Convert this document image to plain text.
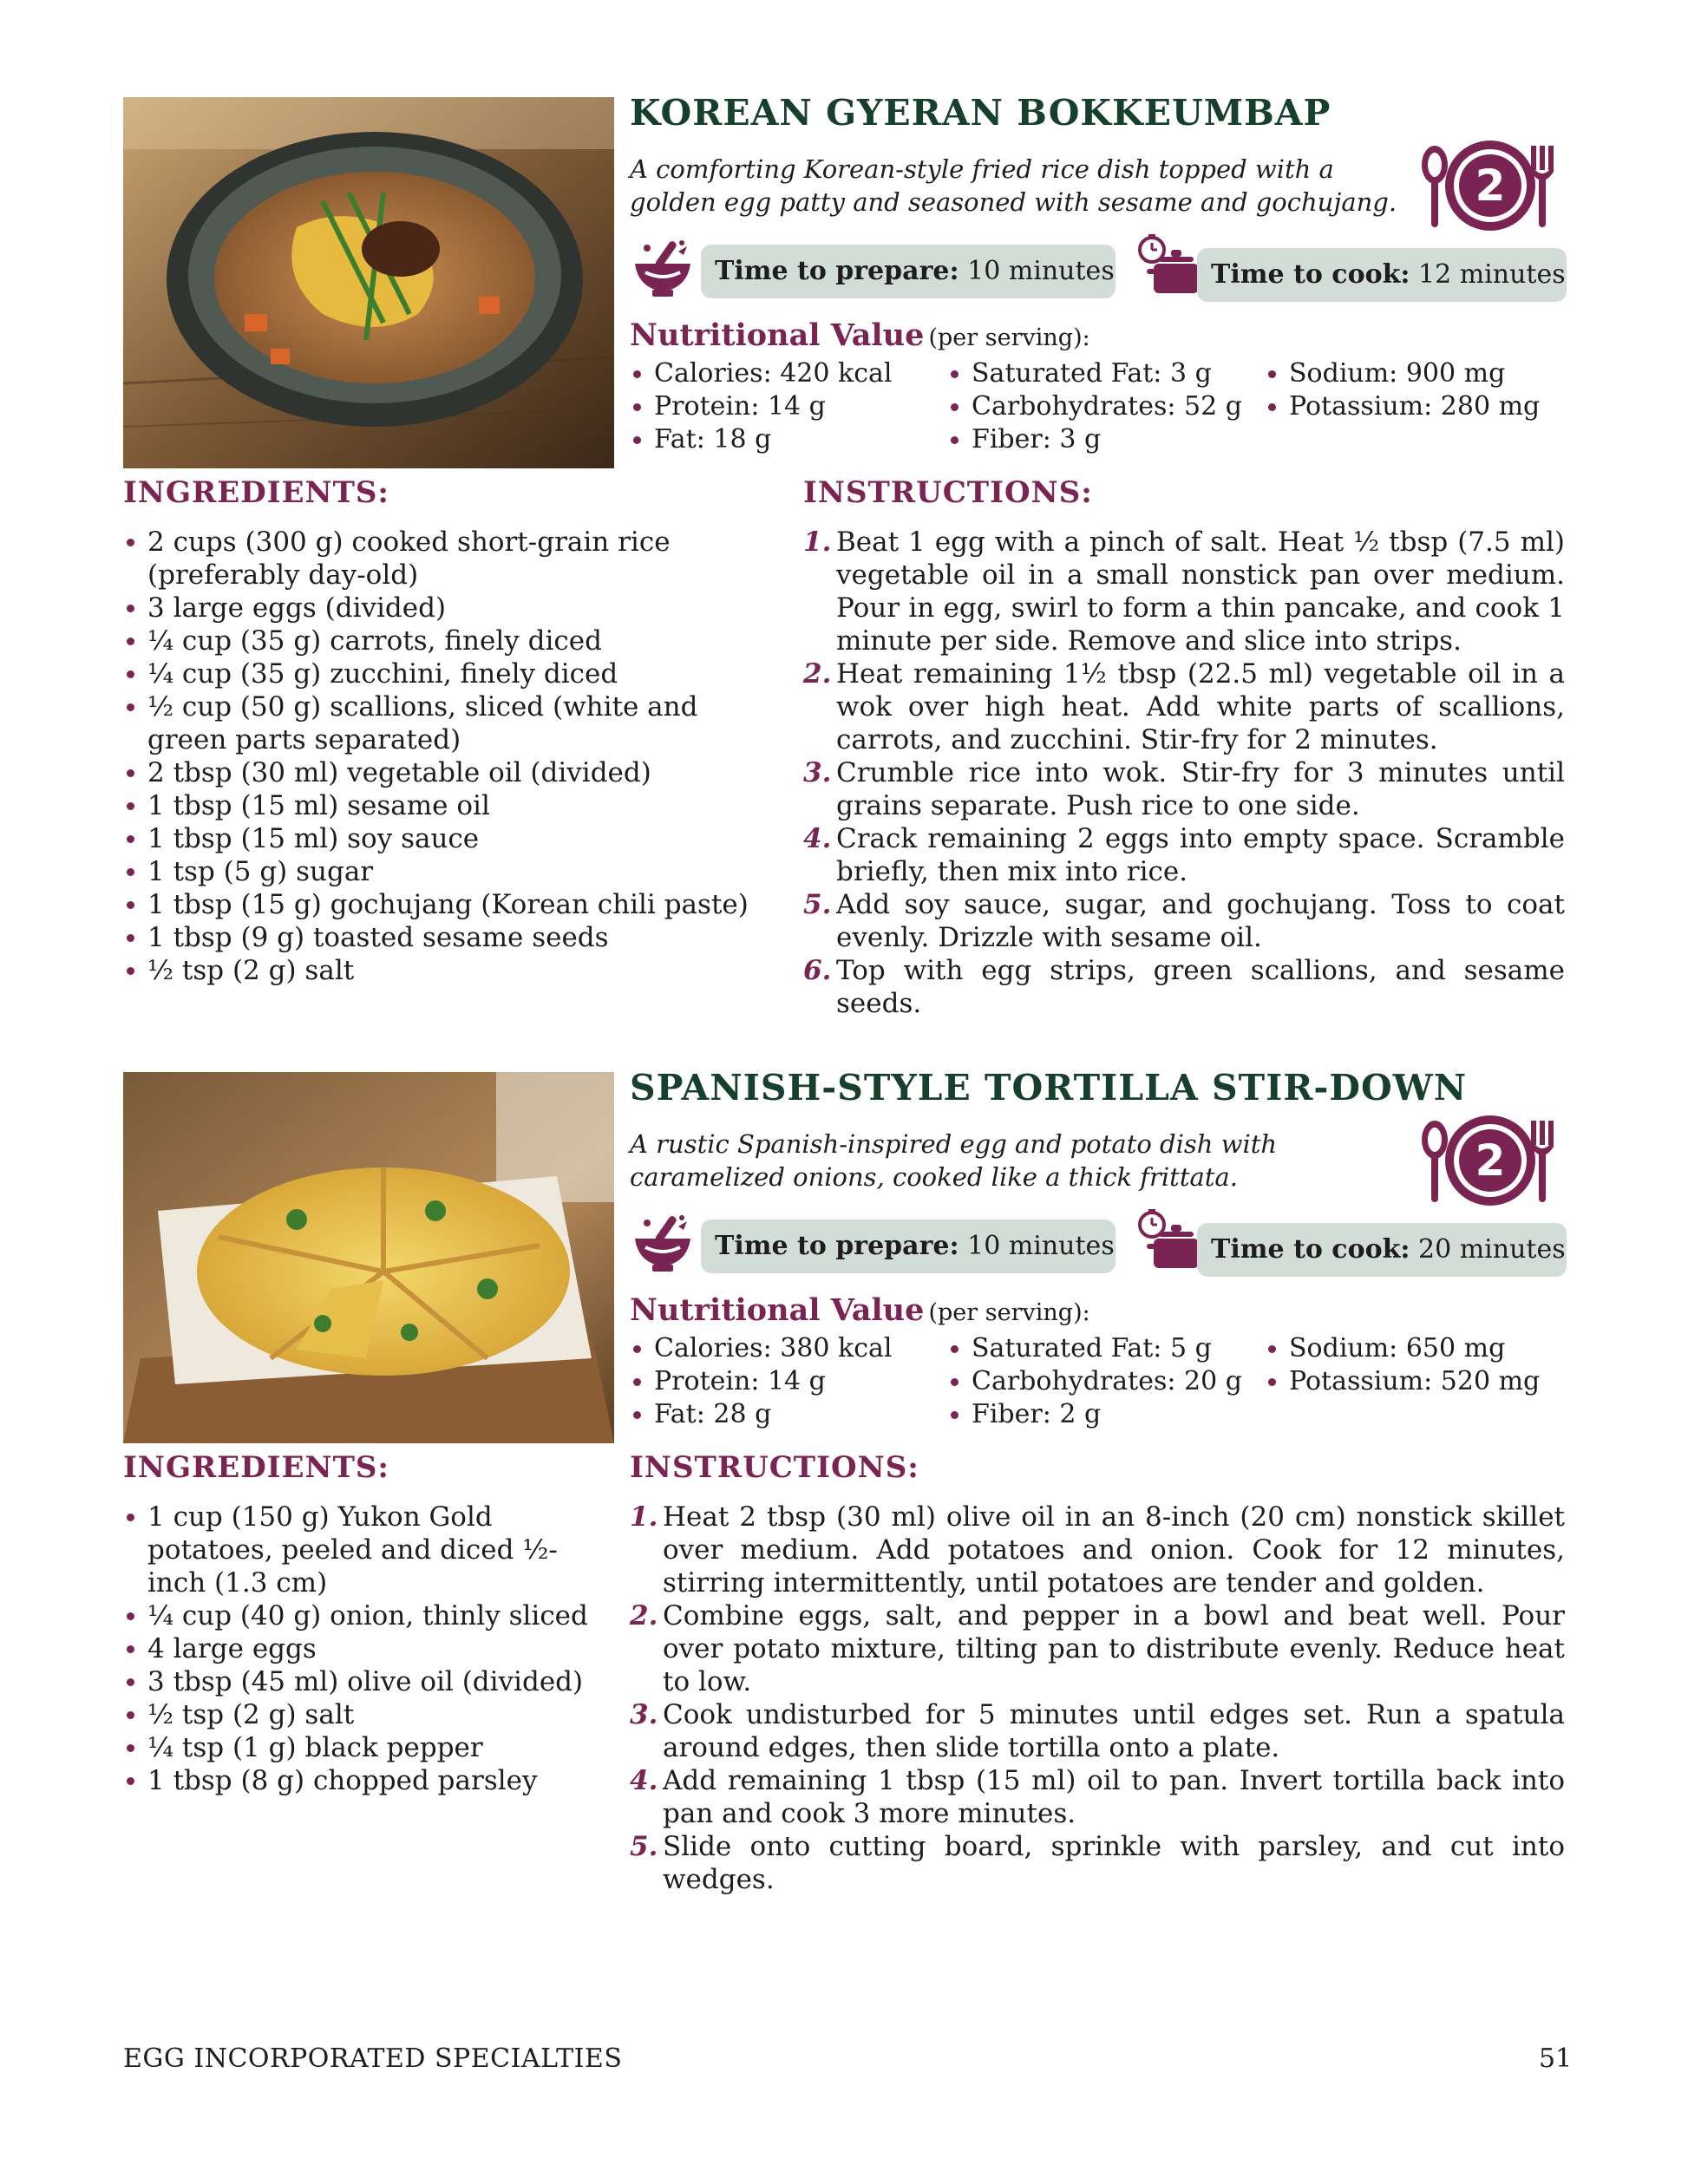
KOREAN GYERAN BOKKEUMBAP

A comforting Korean-style fried rice dish topped with a golden egg patty and seasoned with sesame and gochujang.	2
Time to prepare: 10 minutes	Time to cook: 12 minutes

Nutritional Value (per serving):

Calories: 420 kcal
Protein: 14 g
Fat: 18 g
Saturated Fat: 3 g
Carbohydrates: 52 g
Fiber: 3 g
Sodium: 900 mg
Potassium: 280 mg
INGREDIENTS:
2 cups (300 g) cooked short-grain rice (preferably day-old)
3 large eggs (divided)
¼ cup (35 g) carrots, finely diced
¼ cup (35 g) zucchini, finely diced
½ cup (50 g) scallions, sliced (white and green parts separated)
2 tbsp (30 ml) vegetable oil (divided)
1 tbsp (15 ml) sesame oil
1 tbsp (15 ml) soy sauce
1 tsp (5 g) sugar
1 tbsp (15 g) gochujang (Korean chili paste)
1 tbsp (9 g) toasted sesame seeds
½ tsp (2 g) salt
INSTRUCTIONS:
1. Beat 1 egg with a pinch of salt. Heat ½ tbsp (7.5 ml) vegetable oil in a small nonstick pan over medium. Pour in egg, swirl to form a thin pancake, and cook 1 minute per side. Remove and slice into strips.
2. Heat remaining 1½ tbsp (22.5 ml) vegetable oil in a wok over high heat. Add white parts of scallions, carrots, and zucchini. Stir-fry for 2 minutes.
3. Crumble rice into wok. Stir-fry for 3 minutes until grains separate. Push rice to one side.
4. Crack remaining 2 eggs into empty space. Scramble briefly, then mix into rice.
5. Add soy sauce, sugar, and gochujang. Toss to coat evenly. Drizzle with sesame oil.
6. Top with egg strips, green scallions, and sesame seeds.
SPANISH-STYLE TORTILLA STIR-DOWN

A rustic Spanish-inspired egg and potato dish with caramelized onions, cooked like a thick frittata.	2
Time to prepare: 10 minutes	Time to cook: 20 minutes

Nutritional Value (per serving):

Calories: 380 kcal
Protein: 14 g
Fat: 28 g
Saturated Fat: 5 g
Carbohydrates: 20 g
Fiber: 2 g
Sodium: 650 mg
Potassium: 520 mg
INGREDIENTS:
1 cup (150 g) Yukon Gold potatoes, peeled and diced ½-inch (1.3 cm)
¼ cup (40 g) onion, thinly sliced
4 large eggs
3 tbsp (45 ml) olive oil (divided)
½ tsp (2 g) salt
¼ tsp (1 g) black pepper
1 tbsp (8 g) chopped parsley
INSTRUCTIONS:
1. Heat 2 tbsp (30 ml) olive oil in an 8-inch (20 cm) nonstick skillet over medium. Add potatoes and onion. Cook for 12 minutes, stirring intermittently, until potatoes are tender and golden.
2. Combine eggs, salt, and pepper in a bowl and beat well. Pour over potato mixture, tilting pan to distribute evenly. Reduce heat to low.
3. Cook undisturbed for 5 minutes until edges set. Run a spatula around edges, then slide tortilla onto a plate.
4. Add remaining 1 tbsp (15 ml) oil to pan. Invert tortilla back into pan and cook 3 more minutes.
5. Slide onto cutting board, sprinkle with parsley, and cut into wedges.
EGG INCORPORATED SPECIALTIES	51
